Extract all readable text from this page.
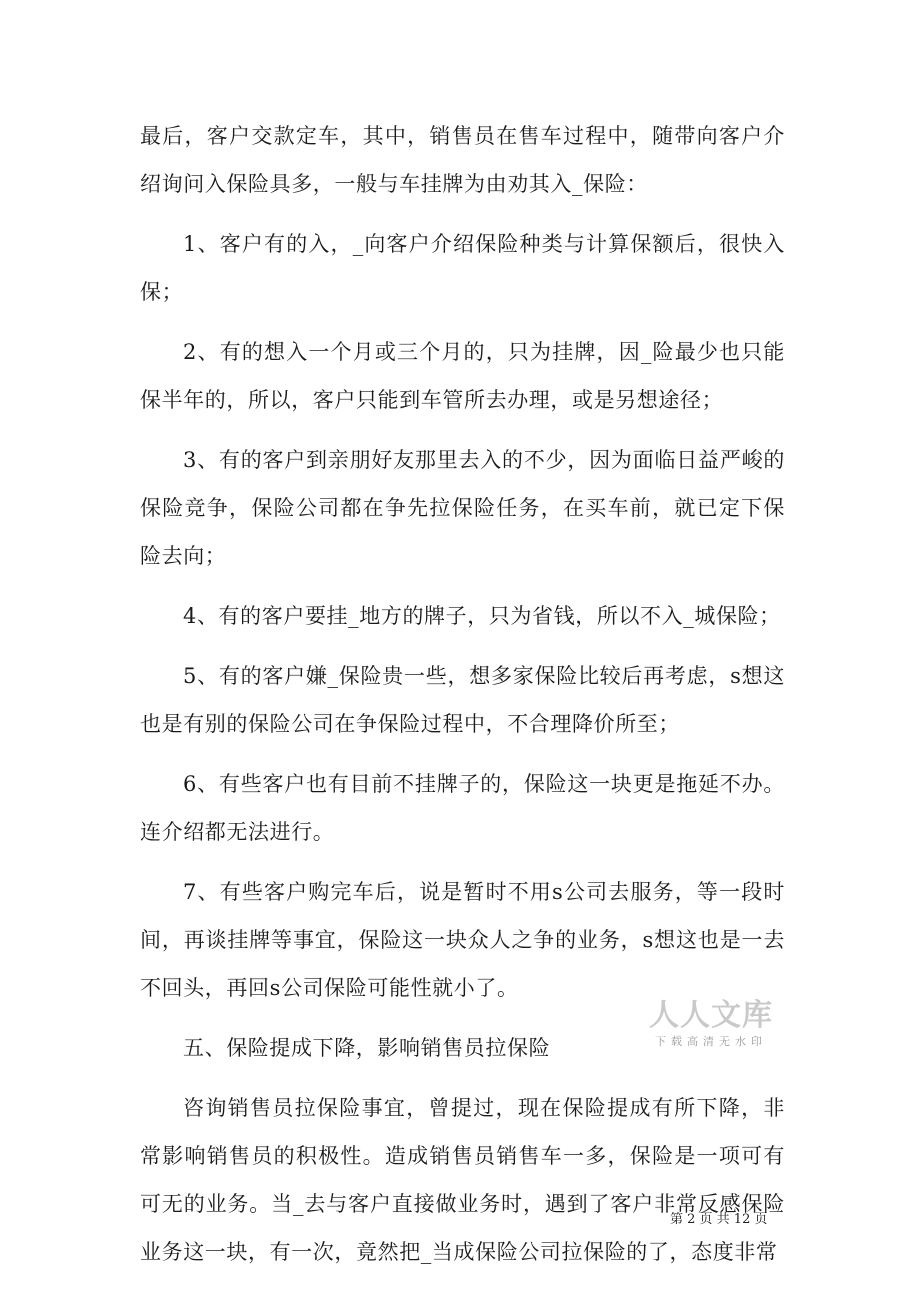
最后，客户交款定车，其中，销售员在售车过程中，随带向客户介绍询问入保险具多，一般与车挂牌为由劝其入_保险：

1、客户有的入，_向客户介绍保险种类与计算保额后，很快入保；

2、有的想入一个月或三个月的，只为挂牌，因_险最少也只能保半年的，所以，客户只能到车管所去办理，或是另想途径；

3、有的客户到亲朋好友那里去入的不少，因为面临日益严峻的保险竞争，保险公司都在争先拉保险任务，在买车前，就已定下保险去向；

4、有的客户要挂_地方的牌子，只为省钱，所以不入_城保险；

5、有的客户嫌_保险贵一些，想多家保险比较后再考虑，s想这也是有别的保险公司在争保险过程中，不合理降价所至；

6、有些客户也有目前不挂牌子的，保险这一块更是拖延不办。连介绍都无法进行。

7、有些客户购完车后，说是暂时不用s公司去服务，等一段时间，再谈挂牌等事宜，保险这一块众人之争的业务，s想这也是一去不回头，再回s公司保险可能性就小了。

五、保险提成下降，影响销售员拉保险

咨询销售员拉保险事宜，曾提过，现在保险提成有所下降，非常影响销售员的积极性。造成销售员销售车一多，保险是一项可有可无的业务。当_去与客户直接做业务时，遇到了客户非常反感保险业务这一块，有一次，竟然把_当成保险公司拉保险的了，态度非常

人人文库
下载高清无水印
第 2 页 共 12 页
